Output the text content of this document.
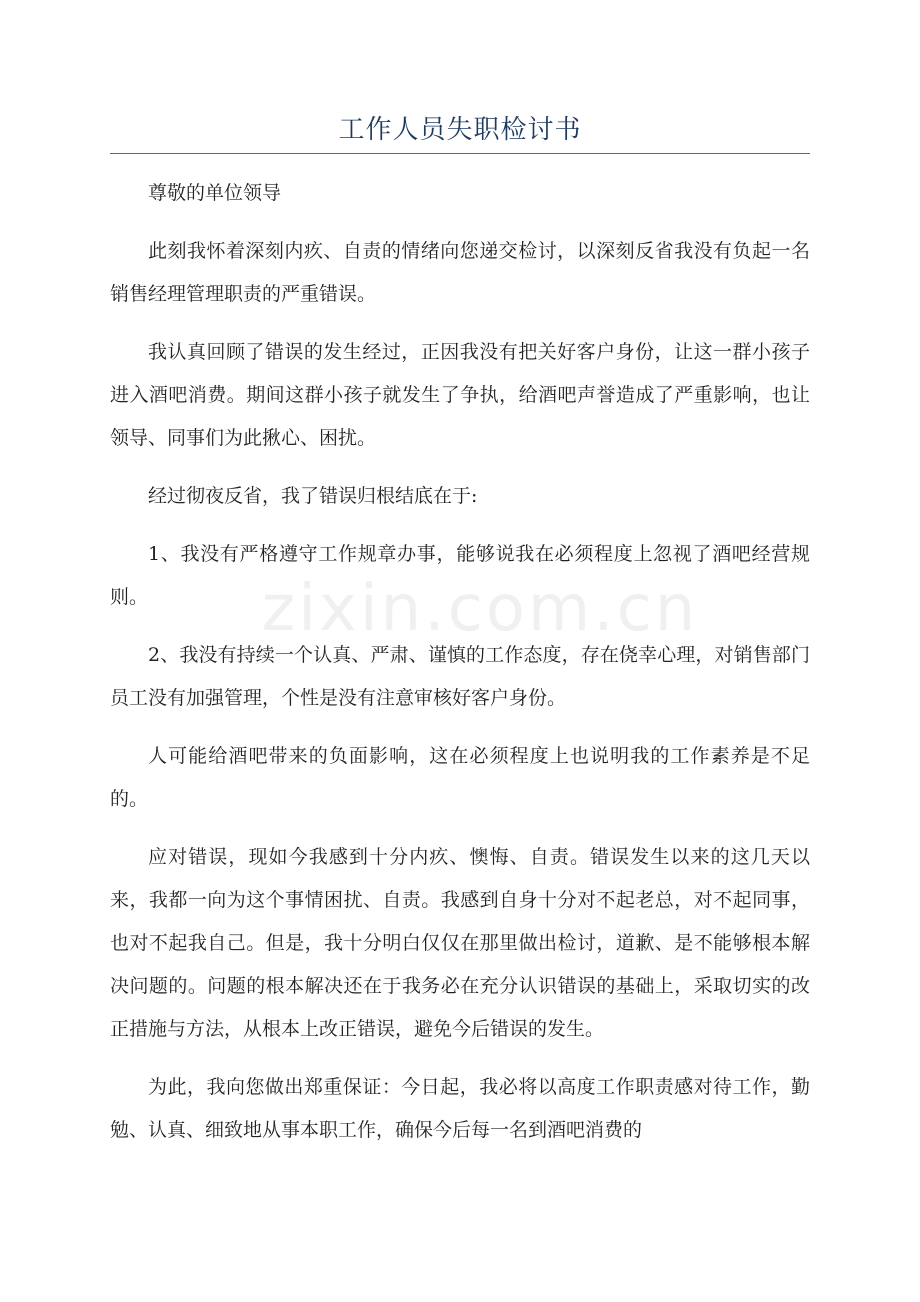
工作人员失职检讨书

尊敬的单位领导

此刻我怀着深刻内疚、自责的情绪向您递交检讨，以深刻反省我没有负起一名销售经理管理职责的严重错误。

我认真回顾了错误的发生经过，正因我没有把关好客户身份，让这一群小孩子进入酒吧消费。期间这群小孩子就发生了争执，给酒吧声誉造成了严重影响，也让领导、同事们为此揪心、困扰。

经过彻夜反省，我了错误归根结底在于:

1、我没有严格遵守工作规章办事，能够说我在必须程度上忽视了酒吧经营规则。

2、我没有持续一个认真、严肃、谨慎的工作态度，存在侥幸心理，对销售部门员工没有加强管理，个性是没有注意审核好客户身份。

人可能给酒吧带来的负面影响，这在必须程度上也说明我的工作素养是不足的。

应对错误，现如今我感到十分内疚、懊悔、自责。错误发生以来的这几天以来，我都一向为这个事情困扰、自责。我感到自身十分对不起老总，对不起同事，也对不起我自己。但是，我十分明白仅仅在那里做出检讨，道歉、是不能够根本解决问题的。问题的根本解决还在于我务必在充分认识错误的基础上，采取切实的改正措施与方法，从根本上改正错误，避免今后错误的发生。

为此，我向您做出郑重保证：今日起，我必将以高度工作职责感对待工作，勤勉、认真、细致地从事本职工作，确保今后每一名到酒吧消费的

zixin.com.cn
